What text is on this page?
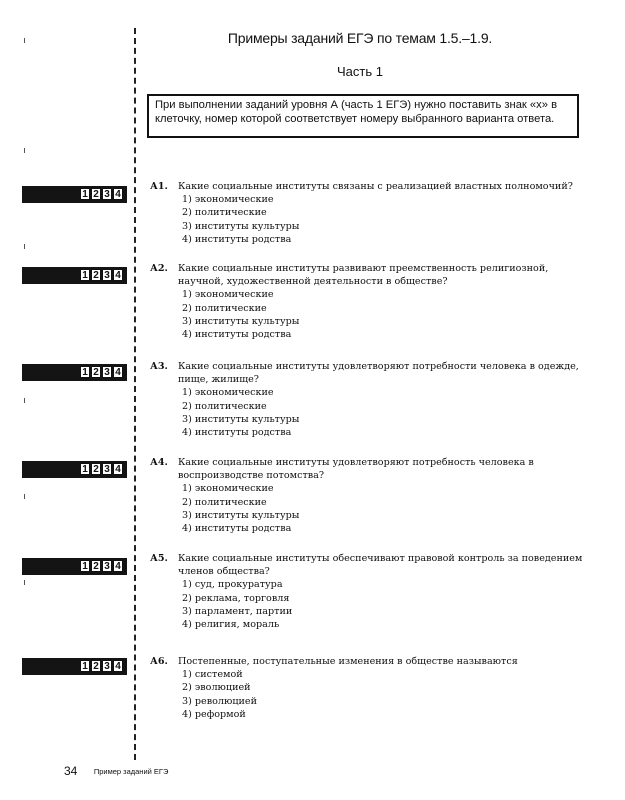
Примеры заданий ЕГЭ по темам 1.5.–1.9.
Часть 1
При выполнении заданий уровня А (часть 1 ЕГЭ) нужно поставить знак «x» в клеточку, номер которой соответствует номеру выбранного варианта ответа.
1 2 3 4
1 2 3 4
1 2 3 4
1 2 3 4
1 2 3 4
1 2 3 4
А1. Какие социальные институты связаны с реализацией властных полномочий?
1) экономические
2) политические
3) институты культуры
4) институты родства
А2. Какие социальные институты развивают преемственность религиозной, научной, художественной деятельности в обществе?
1) экономические
2) политические
3) институты культуры
4) институты родства
А3. Какие социальные институты удовлетворяют потребности человека в одежде, пище, жилище?
1) экономические
2) политические
3) институты культуры
4) институты родства
А4. Какие социальные институты удовлетворяют потребность человека в воспроизводстве потомства?
1) экономические
2) политические
3) институты культуры
4) институты родства
А5. Какие социальные институты обеспечивают правовой контроль за поведением членов общества?
1) суд, прокуратура
2) реклама, торговля
3) парламент, партии
4) религия, мораль
А6. Постепенные, поступательные изменения в обществе называются
1) системой
2) эволюцией
3) революцией
4) реформой
34 Пример заданий ЕГЭ
